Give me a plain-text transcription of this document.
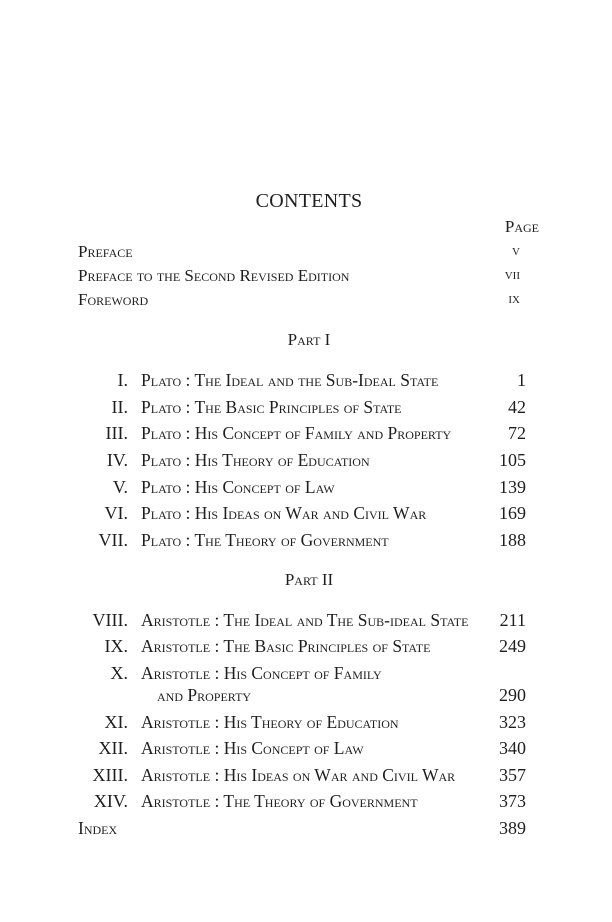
CONTENTS
Page
Preface	v
Preface to the Second Revised Edition	vii
Foreword	ix
Part I
I. Plato : The Ideal and the Sub-Ideal State	1
II. Plato : The Basic Principles of State	42
III. Plato : His Concept of Family and Property	72
IV. Plato : His Theory of Education	105
V. Plato : His Concept of Law	139
VI. Plato : His Ideas on War and Civil War	169
VII. Plato : The Theory of Government	188
Part II
VIII. Aristotle : The Ideal and The Sub-ideal State 211
IX. Aristotle : The Basic Principles of State	249
X. Aristotle : His Concept of Family
and Property	290
XI. Aristotle : His Theory of Education	323
XII. Aristotle : His Concept of Law	340
XIII. Aristotle : His Ideas on War and Civil War 357
XIV. Aristotle : The Theory of Government	373
Index	389
